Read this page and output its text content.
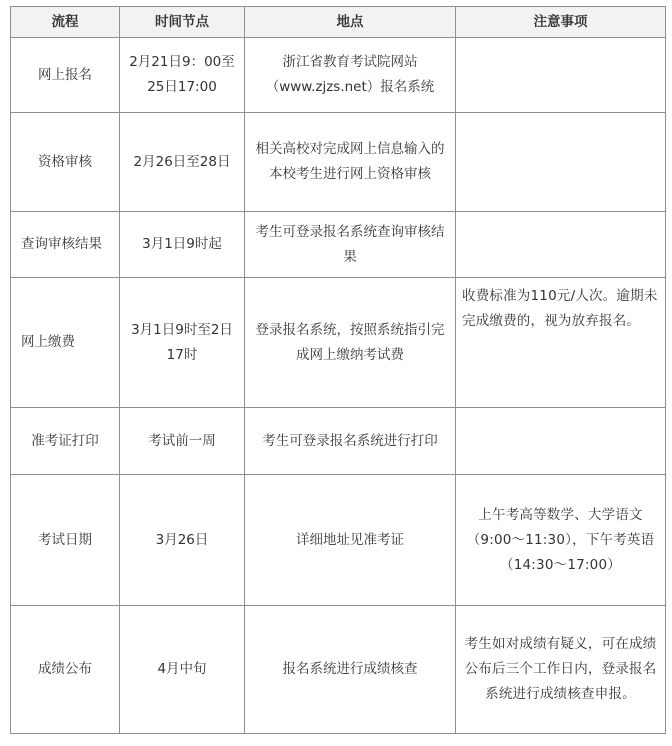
流程	时间节点	地点	注意事项
网上报名	2月21日9：00至25日17:00	浙江省教育考试院网站（www.zjzs.net）报名系统	

资格审核	2月26日至28日	相关高校对完成网上信息输入的本校考生进行网上资格审核	

查询审核结果	3月1日9时起	考生可登录报名系统查询审核结果	

网上缴费	3月1日9时至2日17时	登录报名系统，按照系统指引完成网上缴纳考试费	收费标准为110元/人次。逾期未完成缴费的，视为放弃报名。

准考证打印	考试前一周	考生可登录报名系统进行打印	

考试日期	3月26日	详细地址见准考证	上午考高等数学、大学语文（9:00～11:30），下午考英语（14:30～17:00）

成绩公布	4月中旬	报名系统进行成绩核查	考生如对成绩有疑义，可在成绩公布后三个工作日内，登录报名系统进行成绩核查申报。
